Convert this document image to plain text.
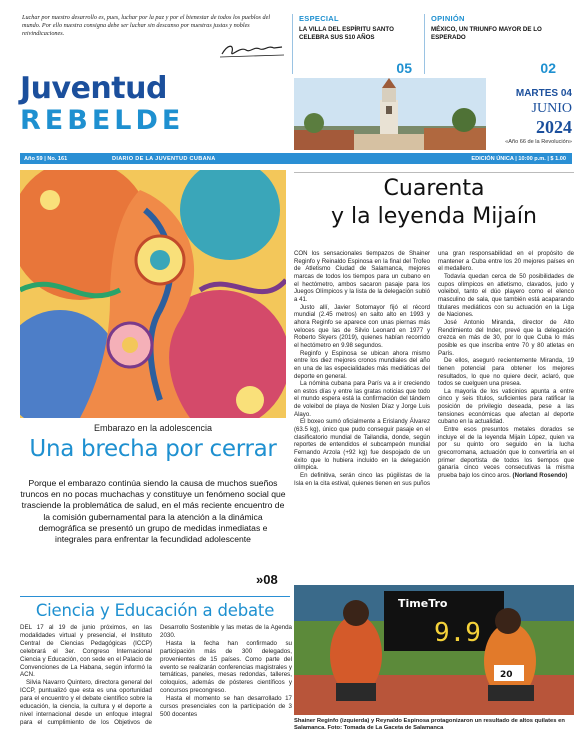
Luchar por nuestro desarrollo es, pues, luchar por la paz y por el bienestar de todos los pueblos del mundo. Por ello nuestra consigna debe ser luchar sin descanso por nuestras justas y nobles reivindicaciones.
Juventud
REBELDE
ESPECIAL
LA VILLA DEL ESPÍRITU SANTO CELEBRA SUS 510 AÑOS
05
OPINIÓN
MÉXICO, UN TRIUNFO MAYOR DE LO ESPERADO
02
MARTES 04
JUNIO
2024
«Año 66 de la Revolución»
Año 59 | No. 161	DIARIO DE LA JUVENTUD CUBANA	EDICIÓN ÚNICA | 10:00 p.m. | $ 1.00
Embarazo en la adolescencia
Una brecha por cerrar
Porque el embarazo continúa siendo la causa de muchos sueños truncos en no pocas muchachas y constituye un fenómeno social que trasciende la problemática de salud, en el más reciente encuentro de la comisión gubernamental para la atención a la dinámica demográfica se presentó un grupo de medidas inmediatas e integrales para enfrentar la fecundidad adolescente
»08
Ciencia y Educación a debate

DEL 17 al 19 de junio próximos, en las modalidades virtual y presencial, el Instituto Central de Ciencias Pedagógicas (ICCP) celebrará el 3er. Congreso Internacional Ciencia y Educación, con sede en el Palacio de Convenciones de La Habana, según informó la ACN.

Silvia Navarro Quintero, directora general del ICCP, puntualizó que esta es una oportunidad para el encuentro y el debate científico sobre la educación, la ciencia, la cultura y el deporte a nivel internacional desde un enfoque integral para el cumplimiento de los Objetivos de Desarrollo Sostenible y las metas de la Agenda 2030.

Hasta la fecha han confirmado su participación más de 300 delegados, provenientes de 15 países. Como parte del evento se realizarán conferencias magistrales y temáticas, paneles, mesas redondas, talleres, coloquios, además de pósteres científicos y concursos precongreso.

Hasta el momento se han desarrollado 17 cursos presenciales con la participación de 3 500 docentes

Cuarenta
y la leyenda Mijaín

CON los sensacionales tiempazos de Shainer Reginfo y Reinaldo Espinosa en la final del Trofeo de Atletismo Ciudad de Salamanca, mejores marcas de todos los tiempos para un cubano en el hectómetro, ambos sacaron pasaje para los Juegos Olímpicos y la lista de la delegación subió a 41.

Justo allí, Javier Sotomayor fijó el récord mundial (2.45 metros) en salto alto en 1993 y ahora Reginfo se aparece con unas piernas más veloces que las de Silvio Leonard en 1977 y Roberto Skyers (2019), quienes habían recorrido el hectómetro en 9.98 segundos.

Reginfo y Espinosa se ubican ahora mismo entre los diez mejores cronos mundiales del año en una de las especialidades más mediáticas del deporte en general.

La nómina cubana para París va a ir creciendo en estos días y entre las gratas noticias que todo el mundo espera está la confirmación del tándem de voleibol de playa de Noslen Díaz y Jorge Luis Alayo.

El boxeo sumó oficialmente a Erislandy Álvarez (63.5 kg), único que pudo conseguir pasaje en el clasificatorio mundial de Tailandia, donde, según reportes de entendidos el subcampeón mundial Fernando Arzola (+92 kg) fue despojado de un éxito que lo hubiera incluido en la delegación olímpica.

En definitiva, serán cinco las púgilistas de la Isla en la cita estival, quienes tienen en sus puños una gran responsabilidad en el propósito de mantener a Cuba entre los 20 mejores países en el medallero.

Todavía quedan cerca de 50 posibilidades de cupos olímpicos en atletismo, clavados, judo y voleibol, tanto el dúo playero como el elenco masculino de sala, que también está acaparando titulares mediáticos con su actuación en la Liga de Naciones.

José Antonio Miranda, director de Alto Rendimiento del Inder, prevé que la delegación crezca en más de 30, por lo que Cuba lo más posible es que inscriba entre 70 y 80 atletas en París.

De ellos, aseguró recientemente Miranda, 19 tienen potencial para obtener los mejores resultados, lo que no quiere decir, aclaró, que todos se cuelguen una presea.

La mayoría de los vaticinios apunta a entre cinco y seis títulos, suficientes para ratificar la posición de privilegio deseada, pese a las tensiones económicas que afectan al deporte cubano en la actualidad.

Entre esos presuntos metales dorados se incluye el de la leyenda Mijaín López, quien va por su quinto oro seguido en la lucha grecorromana, actuación que lo convertiría en el primer deportista de todos los tiempos que ganaría cinco veces consecutivas la misma prueba bajo los cinco aros. (Norland Rosendo)

TimeTro
9.9
20
Shainer Reginfo (izquierda) y Reynaldo Espinosa protagonizaron un resultado de altos quilates en Salamanca. Foto: Tomada de La Gaceta de Salamanca
